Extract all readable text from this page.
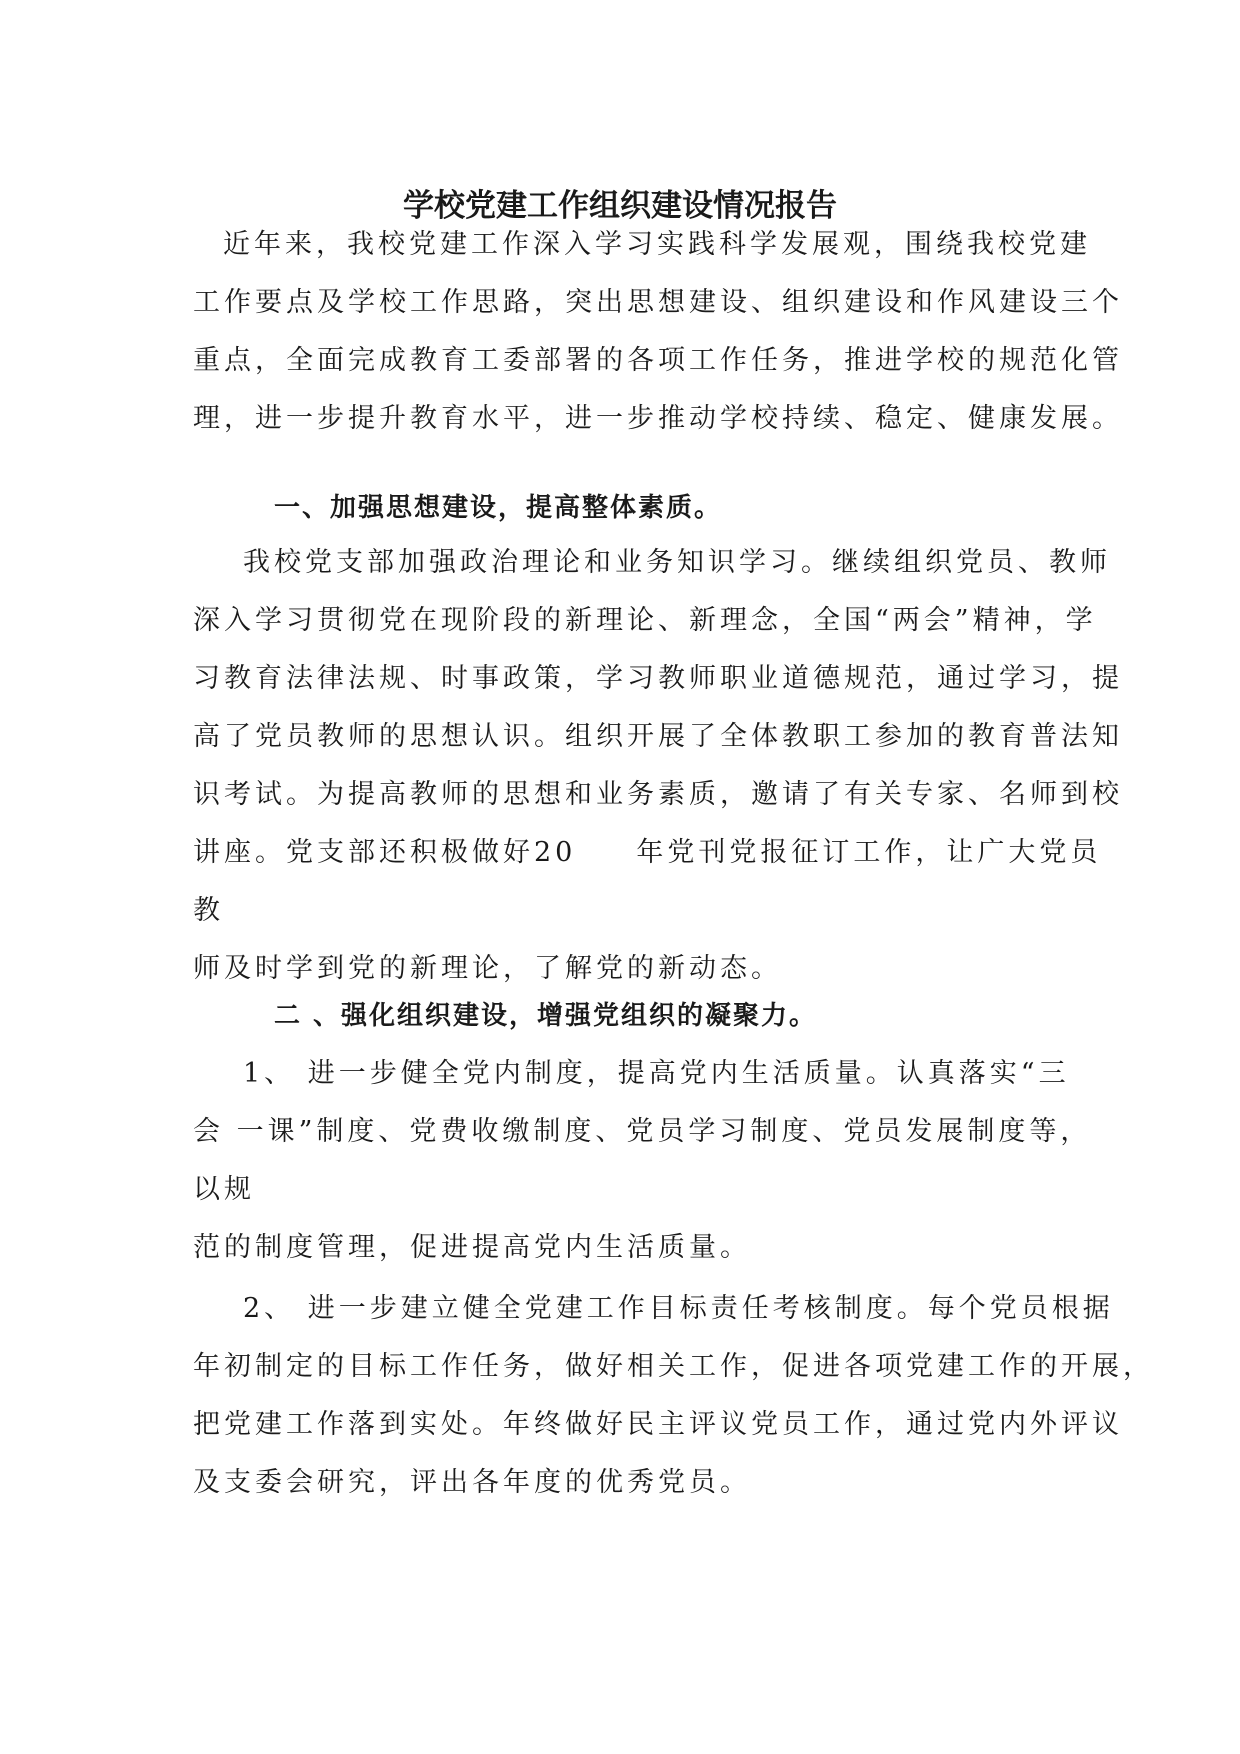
学校党建工作组织建设情况报告
近年来，我校党建工作深入学习实践科学发展观，围绕我校党建
工作要点及学校工作思路，突出思想建设、组织建设和作风建设三个
重点，全面完成教育工委部署的各项工作任务，推进学校的规范化管
理，进一步提升教育水平，进一步推动学校持续、稳定、健康发展。
一、加强思想建设，提高整体素质。
我校党支部加强政治理论和业务知识学习。继续组织党员、教师
深入学习贯彻党在现阶段的新理论、新理念，全国“两会”精神，学
习教育法律法规、时事政策，学习教师职业道德规范，通过学习，提
高了党员教师的思想认识。组织开展了全体教职工参加的教育普法知
识考试。为提高教师的思想和业务素质，邀请了有关专家、名师到校
讲座。党支部还积极做好20 年党刊党报征订工作，让广大党员
教
师及时学到党的新理论，了解党的新动态。
二 、强化组织建设，增强党组织的凝聚力。
1、 进一步健全党内制度，提高党内生活质量。认真落实“三
会 一课”制度、党费收缴制度、党员学习制度、党员发展制度等，
以规
范的制度管理，促进提高党内生活质量。
2、 进一步建立健全党建工作目标责任考核制度。每个党员根据
年初制定的目标工作任务，做好相关工作，促进各项党建工作的开展，
把党建工作落到实处。年终做好民主评议党员工作，通过党内外评议
及支委会研究，评出各年度的优秀党员。
